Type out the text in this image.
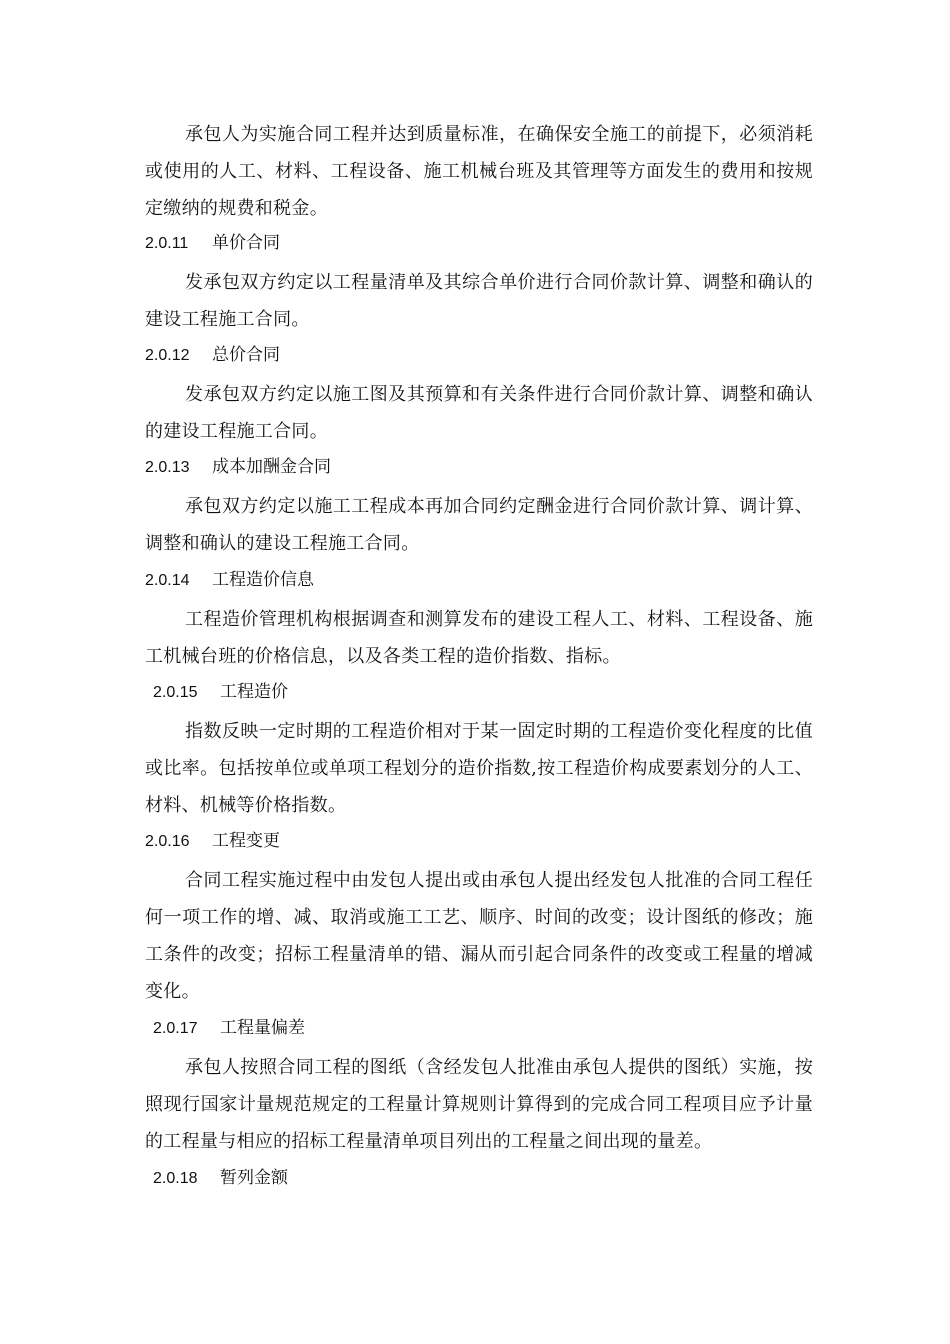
承包人为实施合同工程并达到质量标准，在确保安全施工的前提下，必须消耗或使用的人工、材料、工程设备、施工机械台班及其管理等方面发生的费用和按规定缴纳的规费和税金。

2.0.11 单价合同

发承包双方约定以工程量清单及其综合单价进行合同价款计算、调整和确认的建设工程施工合同。

2.0.12 总价合同

发承包双方约定以施工图及其预算和有关条件进行合同价款计算、调整和确认的建设工程施工合同。

2.0.13 成本加酬金合同

承包双方约定以施工工程成本再加合同约定酬金进行合同价款计算、调计算、调整和确认的建设工程施工合同。

2.0.14 工程造价信息

工程造价管理机构根据调查和测算发布的建设工程人工、材料、工程设备、施工机械台班的价格信息，以及各类工程的造价指数、指标。

2.0.15 工程造价

指数反映一定时期的工程造价相对于某一固定时期的工程造价变化程度的比值或比率。包括按单位或单项工程划分的造价指数,按工程造价构成要素划分的人工、材料、机械等价格指数。

2.0.16 工程变更

合同工程实施过程中由发包人提出或由承包人提出经发包人批准的合同工程任何一项工作的增、减、取消或施工工艺、顺序、时间的改变；设计图纸的修改；施工条件的改变；招标工程量清单的错、漏从而引起合同条件的改变或工程量的增减变化。

2.0.17 工程量偏差

承包人按照合同工程的图纸（含经发包人批准由承包人提供的图纸）实施，按照现行国家计量规范规定的工程量计算规则计算得到的完成合同工程项目应予计量的工程量与相应的招标工程量清单项目列出的工程量之间出现的量差。

2.0.18 暂列金额
